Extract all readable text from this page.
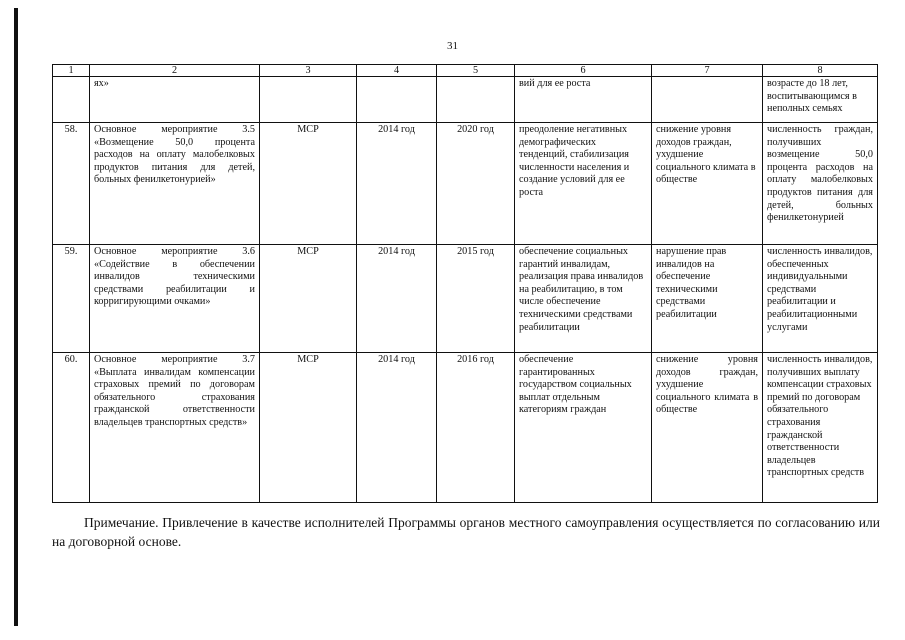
31
1	2	3	4	5	6	7	8
	ях»				вий для ее роста		возрасте до 18 лет, воспитывающимся в неполных семьях
58.	Основное мероприятие 3.5 «Возмещение 50,0 процента расходов на оплату малобелковых продуктов питания для детей, больных фенилкетонурией»	МСР	2014 год	2020 год	преодоление негативных демографических тенденций, стабилизация численности населения и создание условий для ее роста	снижение уровня доходов граждан, ухудшение социального климата в обществе	численность граждан, получивших возмещение 50,0 процента расходов на оплату малобелковых продуктов питания для детей, больных фенилкетонурией
59.	Основное мероприятие 3.6 «Содействие в обеспечении инвалидов техническими средствами реабилитации и корригирующими очками»	МСР	2014 год	2015 год	обеспечение социальных гарантий инвалидам, реализация права инвалидов на реабилитацию, в том числе обеспечение техническими средствами реабилитации	нарушение прав инвалидов на обеспечение техническими средствами реабилитации	численность инвалидов, обеспеченных индивидуальными средствами реабилитации и реабилитационными услугами
60.	Основное мероприятие 3.7 «Выплата инвалидам компенсации страховых премий по договорам обязательного страхования гражданской ответственности владельцев транспортных средств»	МСР	2014 год	2016 год	обеспечение гарантированных государством социальных выплат отдельным категориям граждан	снижение уровня доходов граждан, ухудшение социального климата в обществе	численность инвалидов, получивших выплату компенсации страховых премий по договорам обязательного страхования гражданской ответственности владельцев транспортных средств
Примечание. Привлечение в качестве исполнителей Программы органов местного самоуправления осуществляется по согласованию или на договорной основе.
